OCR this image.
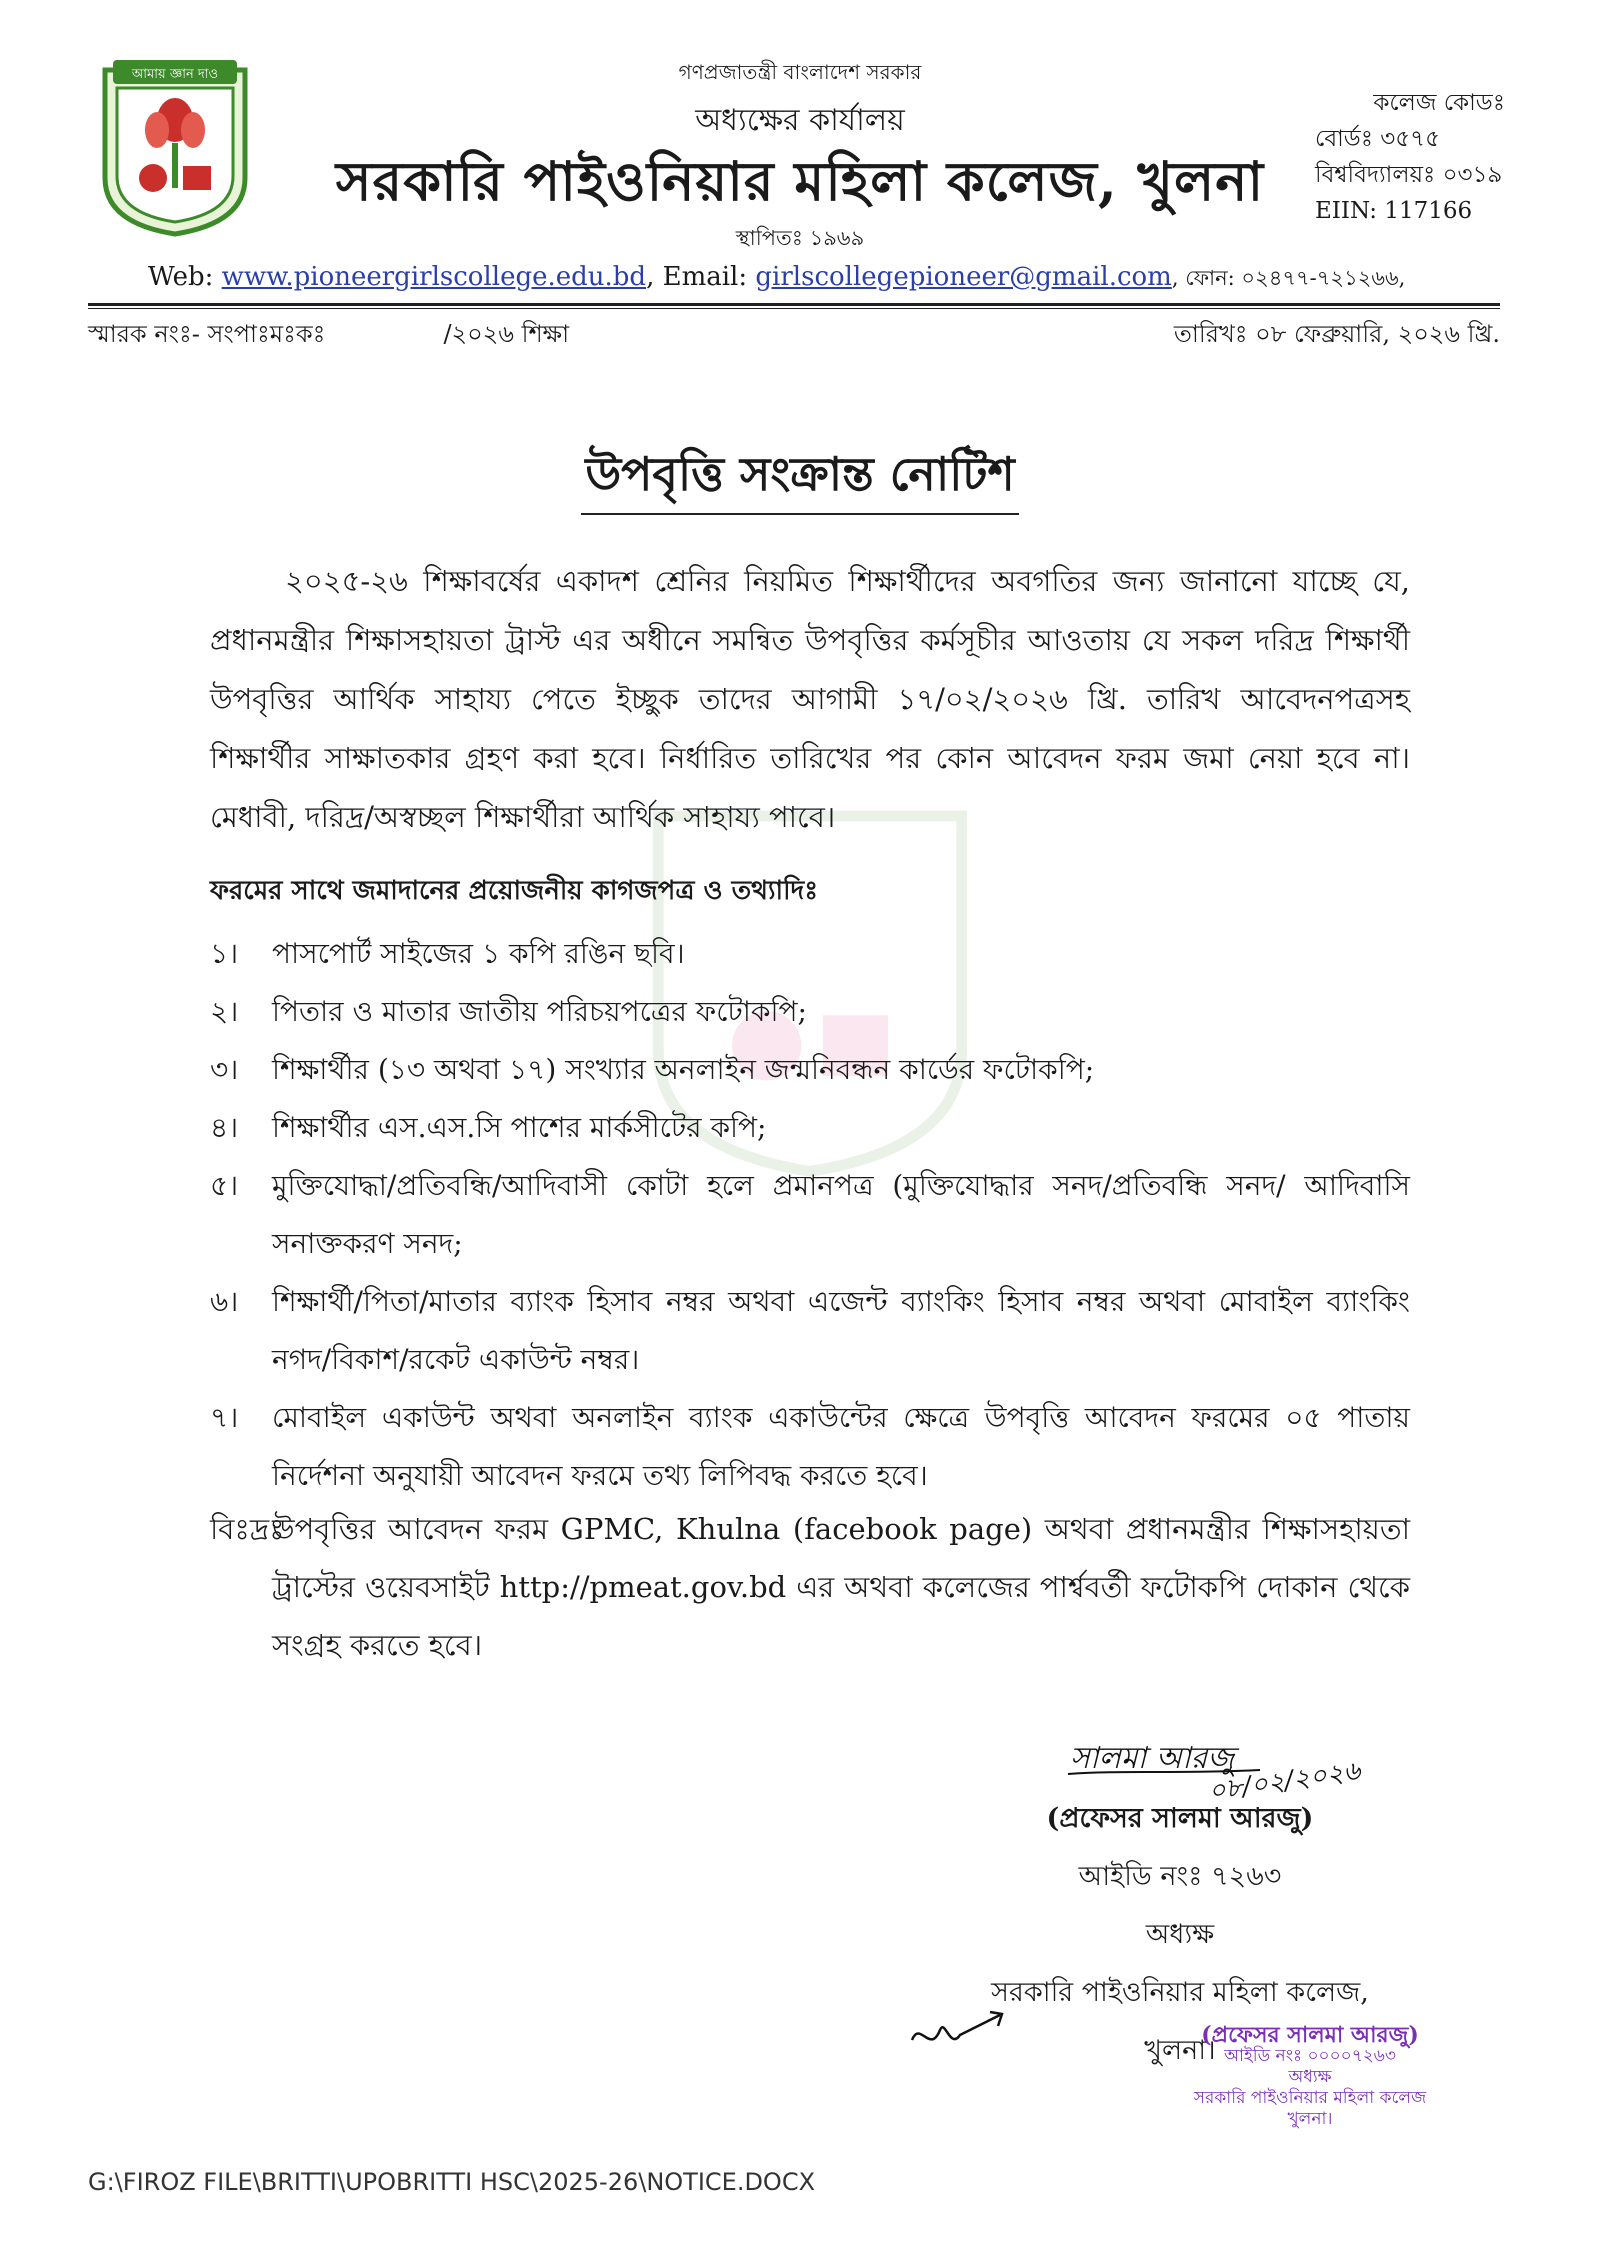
আমায় জ্ঞান দাও	গণপ্রজাতন্ত্রী বাংলাদেশ সরকার
অধ্যক্ষের কার্যালয়
সরকারি পাইওনিয়ার মহিলা কলেজ, খুলনা
স্থাপিতঃ ১৯৬৯
কলেজ কোডঃ
বোর্ডঃ ৩৫৭৫
বিশ্ববিদ্যালয়ঃ ০৩১৯
EIIN: 117166
Web: www.pioneergirlscollege.edu.bd, Email: girlscollegepioneer@gmail.com, ফোন: ০২৪৭৭-৭২১২৬৬,
স্মারক নংঃ- সংপাঃমঃকঃ	/২০২৬ শিক্ষা	তারিখঃ ০৮ ফেব্রুয়ারি, ২০২৬ খ্রি.
উপবৃত্তি সংক্রান্ত নোটিশ
২০২৫-২৬ শিক্ষাবর্ষের একাদশ শ্রেনির নিয়মিত শিক্ষার্থীদের অবগতির জন্য জানানো যাচ্ছে যে, প্রধানমন্ত্রীর শিক্ষাসহায়তা ট্রাস্ট এর অধীনে সমন্বিত উপবৃত্তির কর্মসূচীর আওতায় যে সকল দরিদ্র শিক্ষার্থী উপবৃত্তির আর্থিক সাহায্য পেতে ইচ্ছুক তাদের আগামী ১৭/০২/২০২৬ খ্রি. তারিখ আবেদনপত্রসহ শিক্ষার্থীর সাক্ষাতকার গ্রহণ করা হবে। নির্ধারিত তারিখের পর কোন আবেদন ফরম জমা নেয়া হবে না। মেধাবী, দরিদ্র/অস্বচ্ছল শিক্ষার্থীরা আর্থিক সাহায্য পাবে।
ফরমের সাথে জমাদানের প্রয়োজনীয় কাগজপত্র ও তথ্যাদিঃ
১।	পাসপোর্ট সাইজের ১ কপি রঙিন ছবি।
২।	পিতার ও মাতার জাতীয় পরিচয়পত্রের ফটোকপি;
৩।	শিক্ষার্থীর (১৩ অথবা ১৭) সংখ্যার অনলাইন জন্মনিবন্ধন কার্ডের ফটোকপি;
৪।	শিক্ষার্থীর এস.এস.সি পাশের মার্কসীটের কপি;
৫।	মুক্তিযোদ্ধা/প্রতিবন্ধি/আদিবাসী কোটা হলে প্রমানপত্র (মুক্তিযোদ্ধার সনদ/প্রতিবন্ধি সনদ/ আদিবাসি সনাক্তকরণ সনদ;
৬।	শিক্ষার্থী/পিতা/মাতার ব্যাংক হিসাব নম্বর অথবা এজেন্ট ব্যাংকিং হিসাব নম্বর অথবা মোবাইল ব্যাংকিং নগদ/বিকাশ/রকেট একাউন্ট নম্বর।
৭।	মোবাইল একাউন্ট অথবা অনলাইন ব্যাংক একাউন্টের ক্ষেত্রে উপবৃত্তি আবেদন ফরমের ০৫ পাতায় নির্দেশনা অনুযায়ী আবেদন ফরমে তথ্য লিপিবদ্ধ করতে হবে।
বিঃদ্রঃ
উপবৃত্তির আবেদন ফরম GPMC, Khulna (facebook page) অথবা প্রধানমন্ত্রীর শিক্ষাসহায়তা ট্রাস্টের ওয়েবসাইট http://pmeat.gov.bd এর অথবা কলেজের পার্শ্ববর্তী ফটোকপি দোকান থেকে সংগ্রহ করতে হবে।
সালমা আরজু
০৮/০২/২০২৬
(প্রফেসর সালমা আরজু)
আইডি নংঃ ৭২৬৩
অধ্যক্ষ
সরকারি পাইওনিয়ার মহিলা কলেজ,
খুলনা।
(প্রফেসর সালমা আরজু)
আইডি নংঃ ০০০০৭২৬৩
অধ্যক্ষ
সরকারি পাইওনিয়ার মহিলা কলেজ
খুলনা।
G:\FIROZ FILE\BRITTI\UPOBRITTI HSC\2025-26\NOTICE.DOCX
